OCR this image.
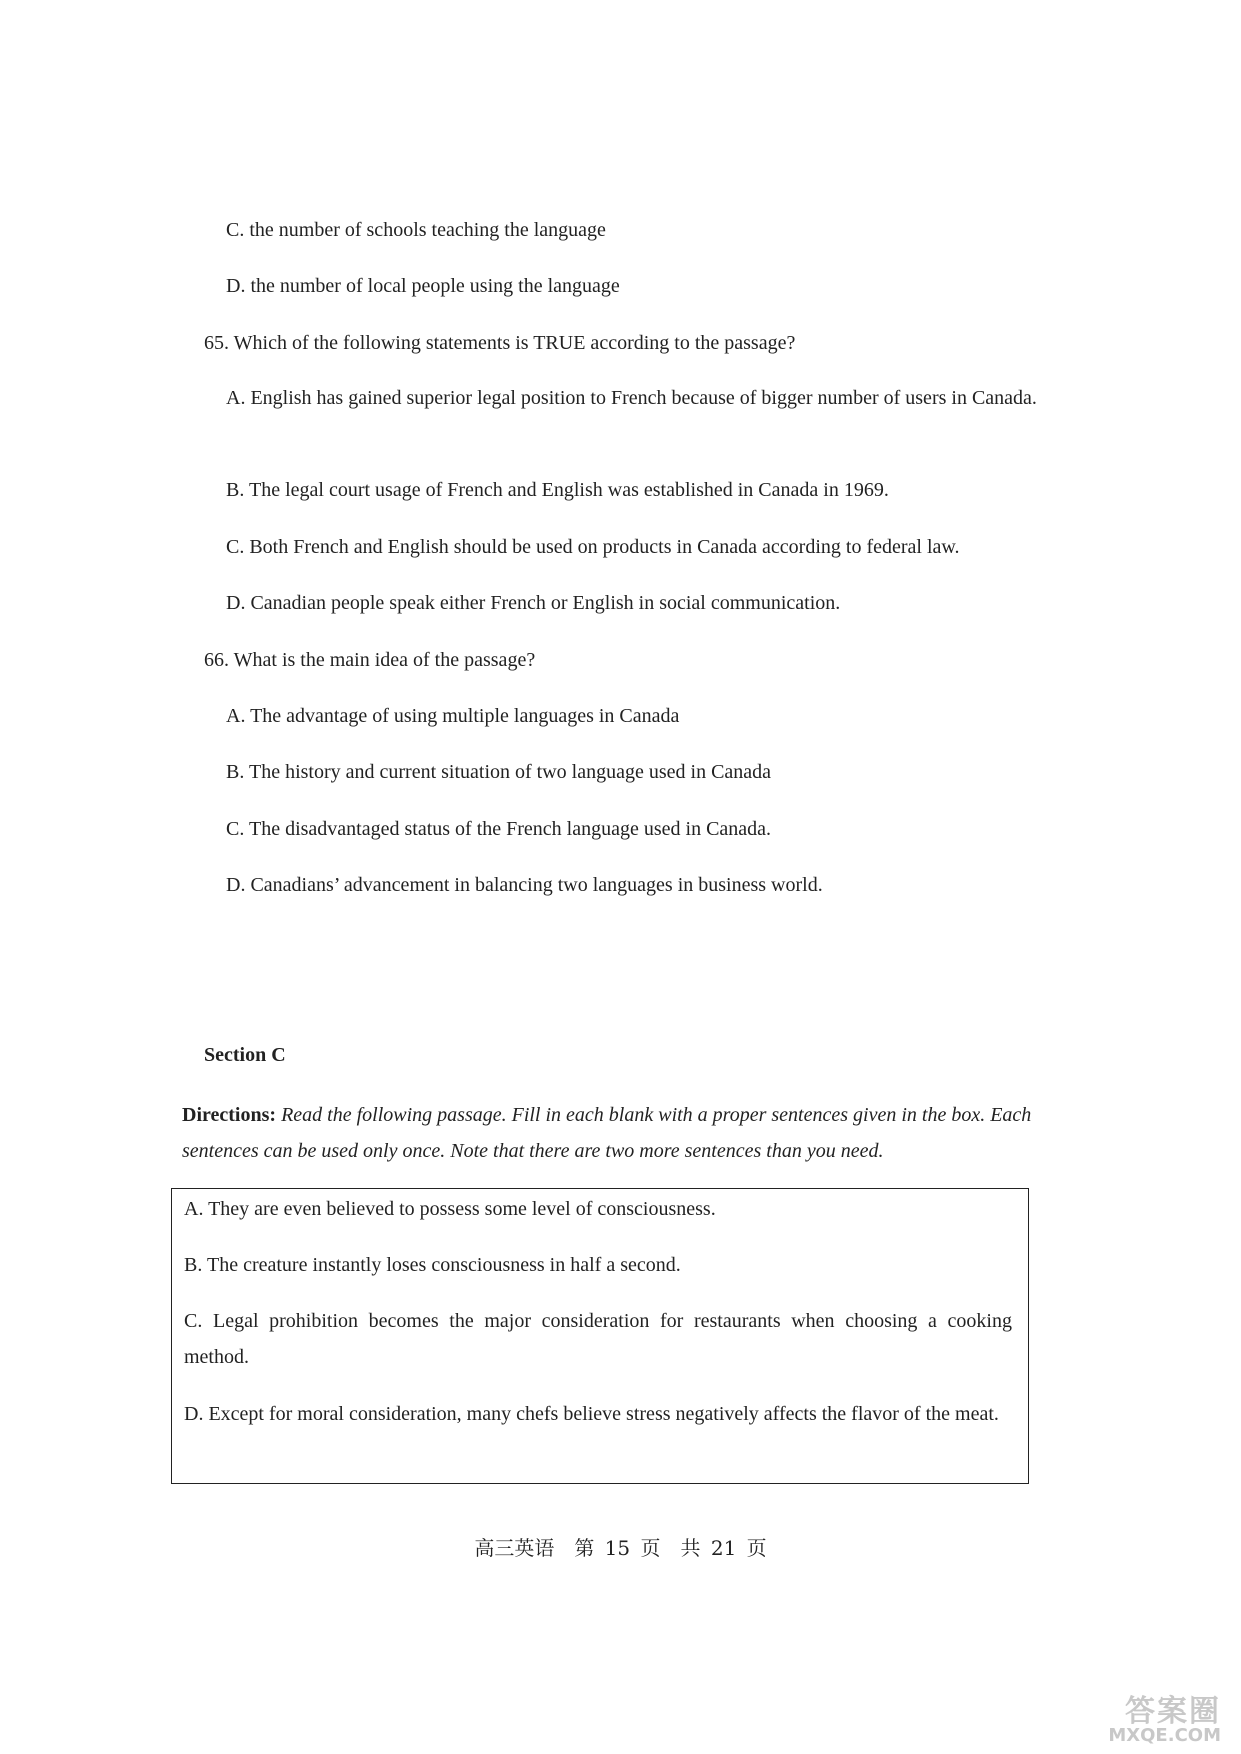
C. the number of schools teaching the language
D. the number of local people using the language
65. Which of the following statements is TRUE according to the passage?
A. English has gained superior legal position to French because of bigger number of users in Canada.
B. The legal court usage of French and English was established in Canada in 1969.
C. Both French and English should be used on products in Canada according to federal law.
D. Canadian people speak either French or English in social communication.
66. What is the main idea of the passage?
A. The advantage of using multiple languages in Canada
B. The history and current situation of two language used in Canada
C. The disadvantaged status of the French language used in Canada.
D. Canadians’ advancement in balancing two languages in business world.
Section C
Directions: Read the following passage. Fill in each blank with a proper sentences given in the box. Each sentences can be used only once. Note that there are two more sentences than you need.
A. They are even believed to possess some level of consciousness.
B. The creature instantly loses consciousness in half a second.
C. Legal prohibition becomes the major consideration for restaurants when choosing a cooking method.
D. Except for moral consideration, many chefs believe stress negatively affects the flavor of the meat.
高三英语　第 15 页　共 21 页
答案圈
MXQE.COM
